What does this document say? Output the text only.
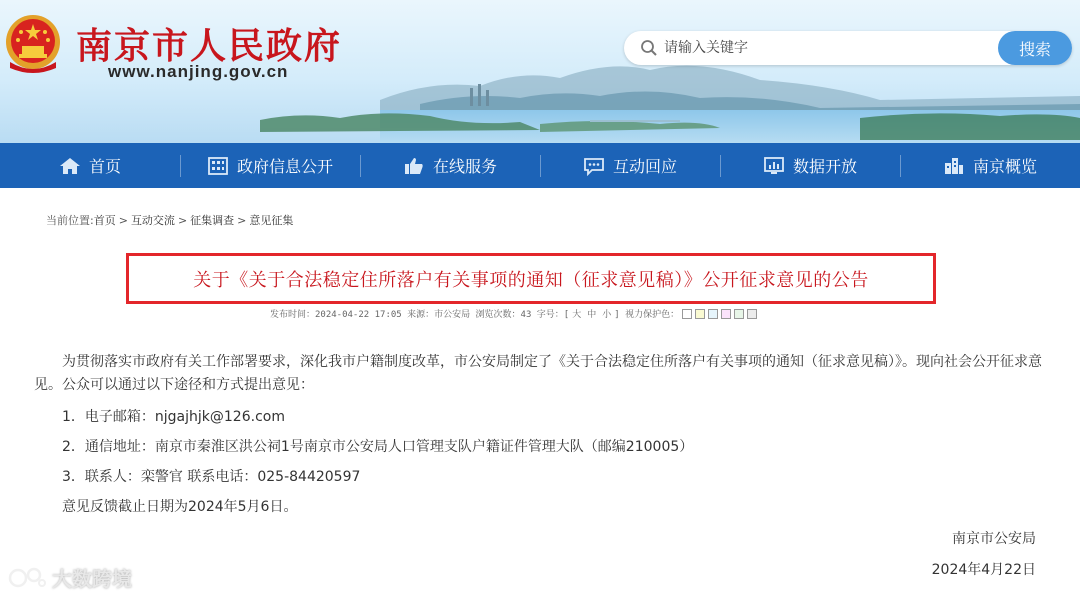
南京市人民政府
www.nanjing.gov.cn
请输入关键字
搜索
首页	政府信息公开	在线服务	互动回应	数据开放	南京概览
当前位置:首页 > 互动交流 > 征集调查 > 意见征集
关于《关于合法稳定住所落户有关事项的通知（征求意见稿）》公开征求意见的公告
发布时间：2024-04-22 17:05 来源：市公安局 浏览次数：43 字号：[ 大 中 小 ] 视力保护色：

为贯彻落实市政府有关工作部署要求，深化我市户籍制度改革，市公安局制定了《关于合法稳定住所落户有关事项的通知（征求意见稿）》。现向社会公开征求意见。公众可以通过以下途径和方式提出意见：

1．电子邮箱：njgajhjk@126.com

2．通信地址：南京市秦淮区洪公祠1号南京市公安局人口管理支队户籍证件管理大队（邮编210005）

3．联系人：栾警官 联系电话：025-84420597

意见反馈截止日期为2024年5月6日。

南京市公安局
2024年4月22日
大数跨境
